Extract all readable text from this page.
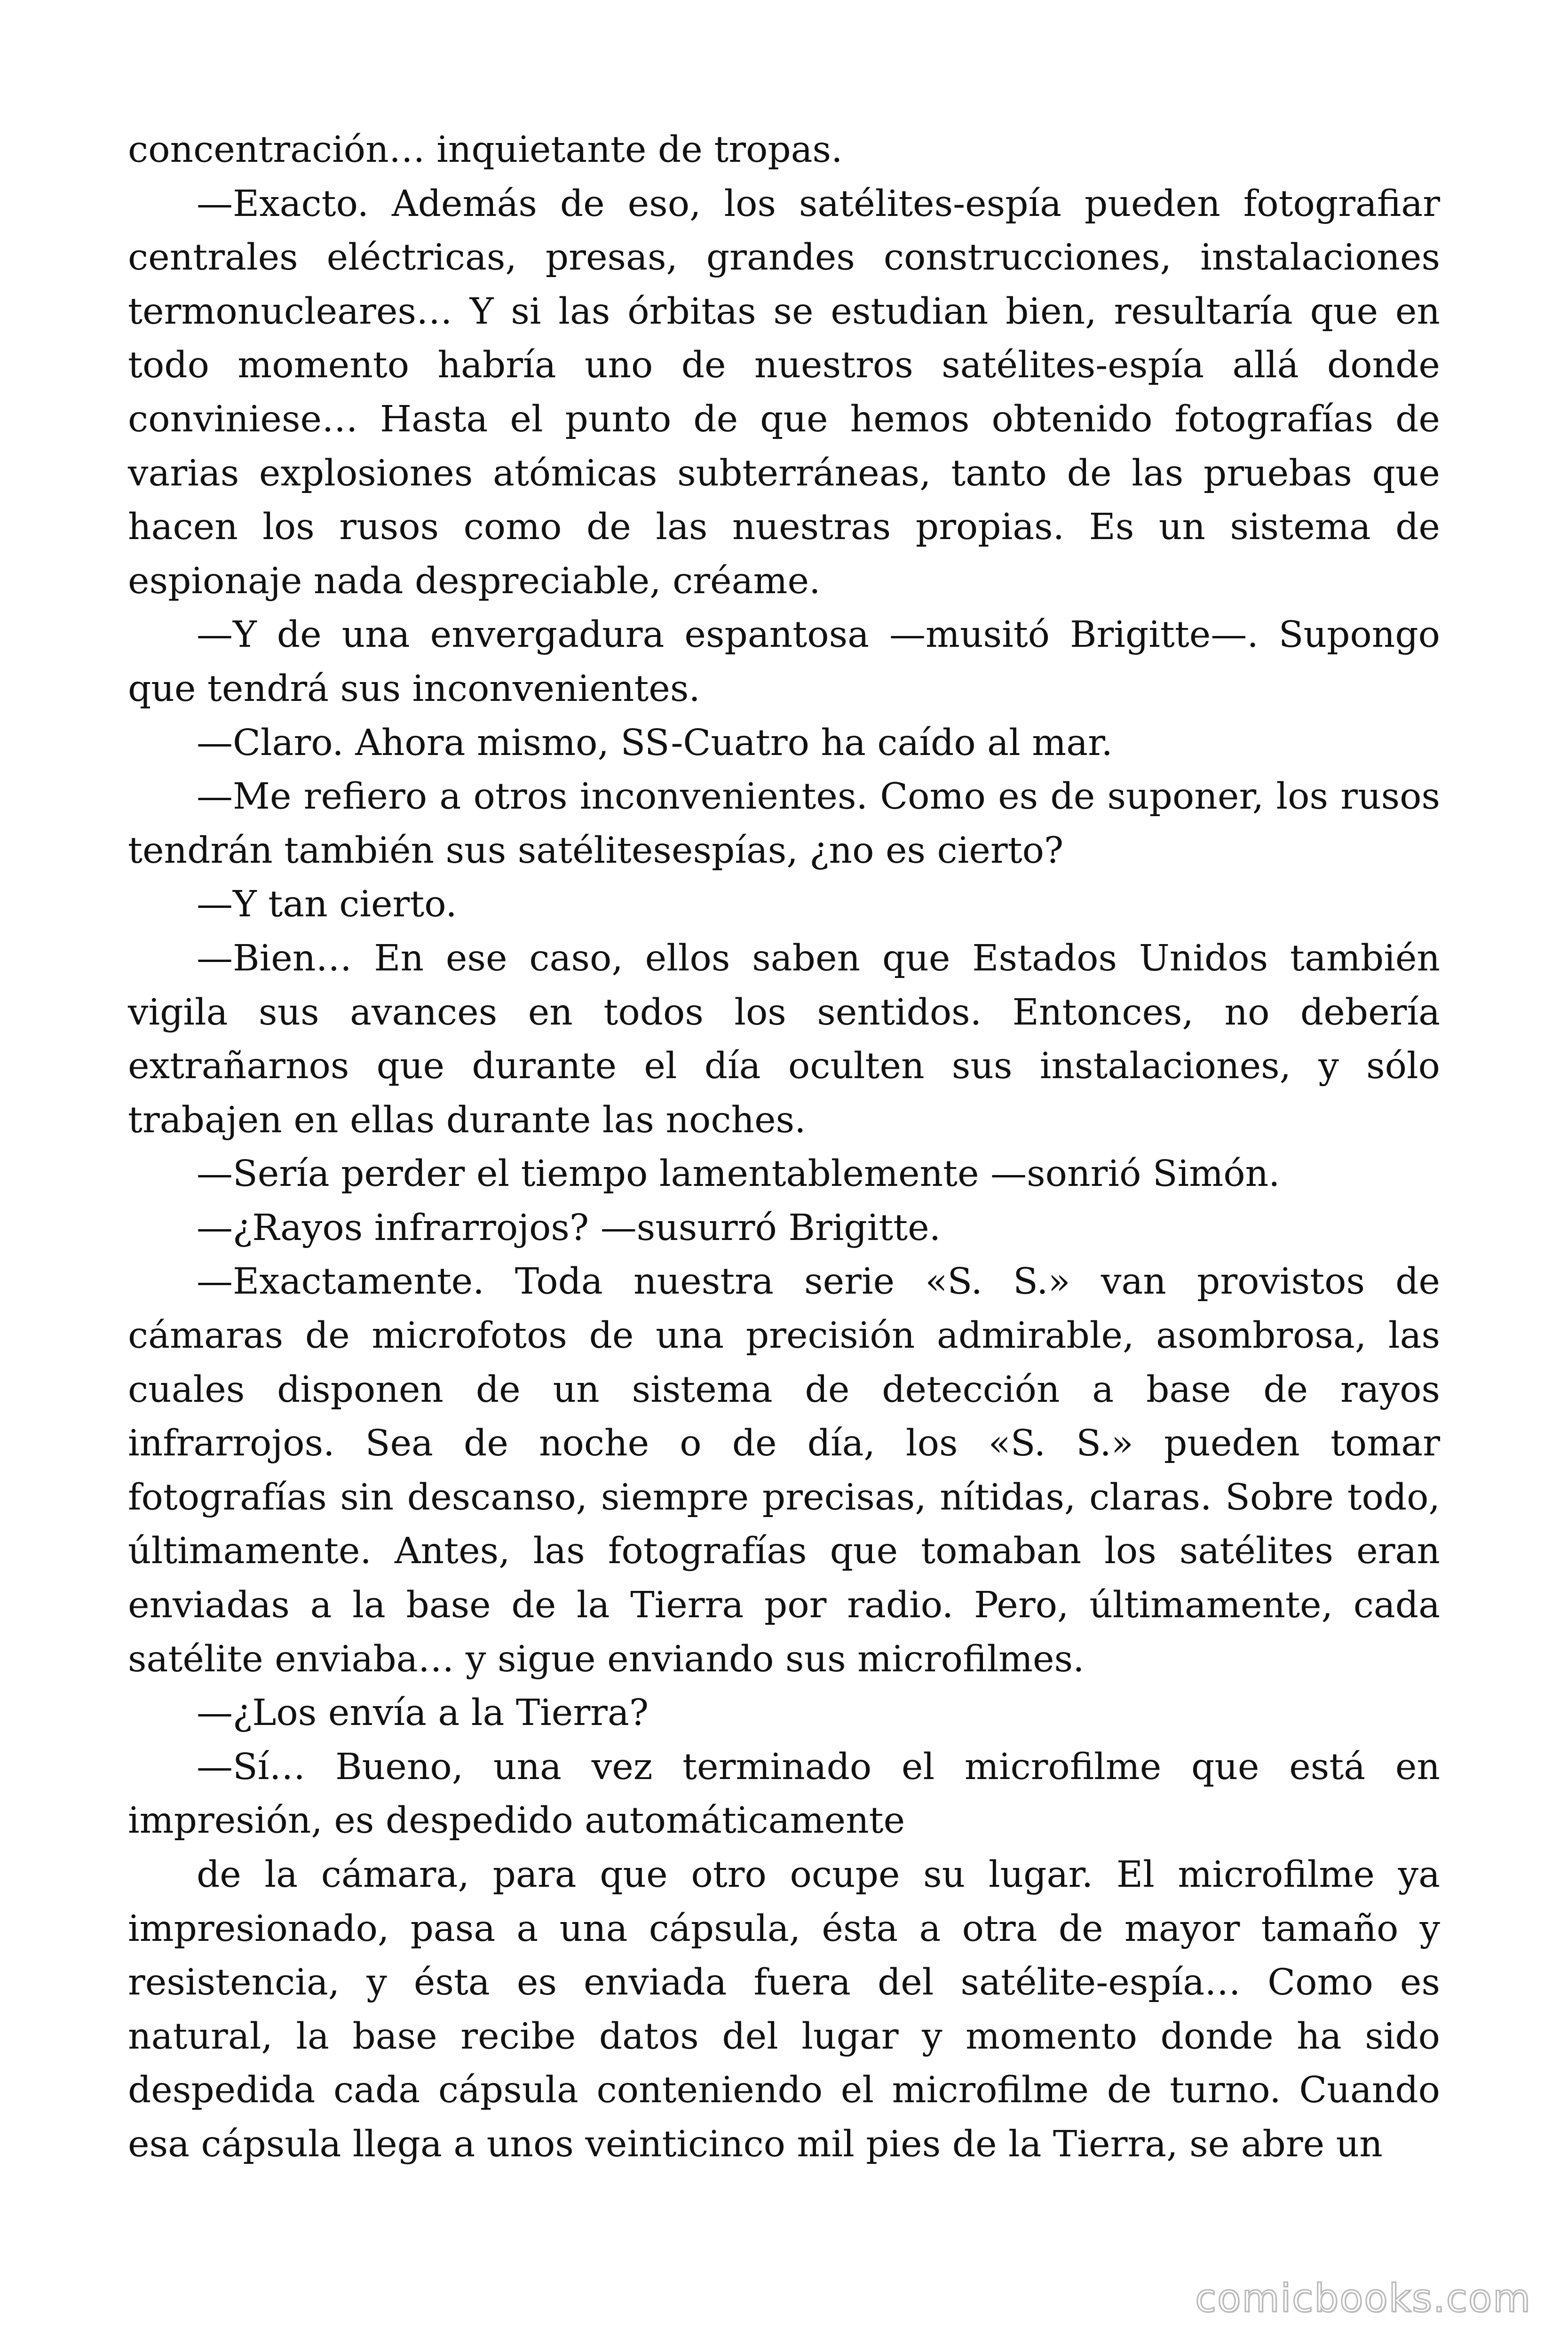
concentración… inquietante de tropas.

—Exacto. Además de eso, los satélites-espía pueden fotografiar centrales eléctricas, presas, grandes construcciones, instalaciones termonucleares… Y si las órbitas se estudian bien, resultaría que en todo momento habría uno de nuestros satélites-espía allá donde conviniese… Hasta el punto de que hemos obtenido fotografías de varias explosiones atómicas subterráneas, tanto de las pruebas que hacen los rusos como de las nuestras propias. Es un sistema de espionaje nada despreciable, créame.

—Y de una envergadura espantosa —musitó Brigitte—. Supongo que tendrá sus inconvenientes.

—Claro. Ahora mismo, SS-Cuatro ha caído al mar.

—Me refiero a otros inconvenientes. Como es de suponer, los rusos tendrán también sus satélitesespías, ¿no es cierto?

—Y tan cierto.

—Bien… En ese caso, ellos saben que Estados Unidos también vigila sus avances en todos los sentidos. Entonces, no debería extrañarnos que durante el día oculten sus instalaciones, y sólo trabajen en ellas durante las noches.

—Sería perder el tiempo lamentablemente —sonrió Simón.

—¿Rayos infrarrojos? —susurró Brigitte.

—Exactamente. Toda nuestra serie «S. S.» van provistos de cámaras de microfotos de una precisión admirable, asombrosa, las cuales disponen de un sistema de detección a base de rayos infrarrojos. Sea de noche o de día, los «S. S.» pueden tomar fotografías sin descanso, siempre precisas, nítidas, claras. Sobre todo, últimamente. Antes, las fotografías que tomaban los satélites eran enviadas a la base de la Tierra por radio. Pero, últimamente, cada satélite enviaba… y sigue enviando sus microfilmes.

—¿Los envía a la Tierra?

—Sí… Bueno, una vez terminado el microfilme que está en impresión, es despedido automáticamente

de la cámara, para que otro ocupe su lugar. El microfilme ya impresionado, pasa a una cápsula, ésta a otra de mayor tamaño y resistencia, y ésta es enviada fuera del satélite-espía… Como es natural, la base recibe datos del lugar y momento donde ha sido despedida cada cápsula conteniendo el microfilme de turno. Cuando esa cápsula llega a unos veinticinco mil pies de la Tierra, se abre un

comicbooks.com
